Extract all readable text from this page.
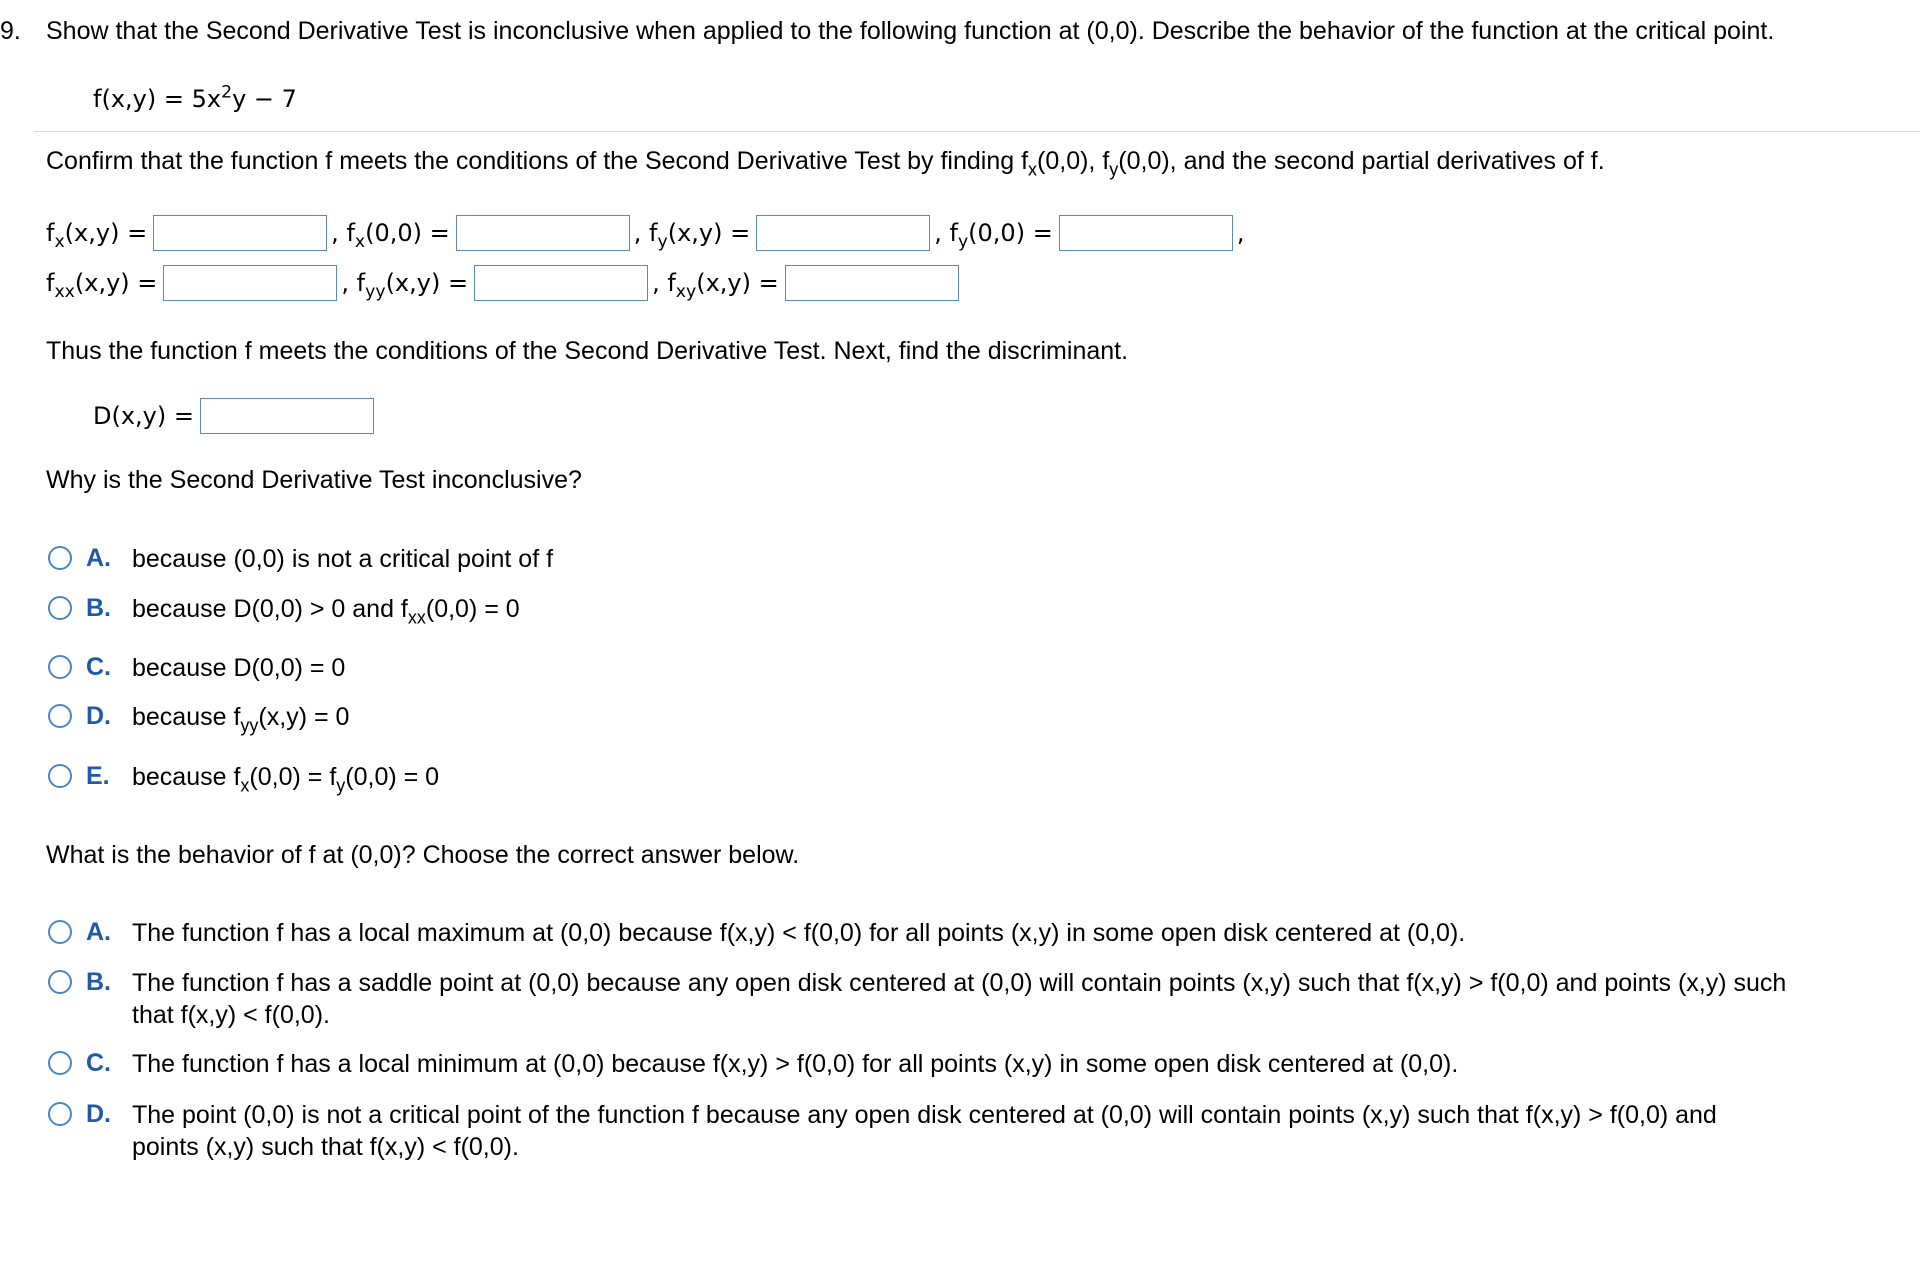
9. Show that the Second Derivative Test is inconclusive when applied to the following function at (0,0). Describe the behavior of the function at the critical point.
$f(x,y) = 5x^2y - 7$
Confirm that the function f meets the conditions of the Second Derivative Test by finding $f_x(0,0)$, $f_y(0,0)$, and the second partial derivatives of f.
$f_x(x,y)$ =	, $f_x(0,0)$ =	, $f_y(x,y)$ =	, $f_y(0,0)$ =	,
$f_{xx}(x,y)$ =	, $f_{yy}(x,y)$ =	, $f_{xy}(x,y)$ =
Thus the function f meets the conditions of the Second Derivative Test. Next, find the discriminant.
D(x,y) =
Why is the Second Derivative Test inconclusive?
A. because (0,0) is not a critical point of f
B. because D(0,0) > 0 and $f_{xx}(0,0) = 0$
C. because D(0,0) = 0
D. because $f_{yy}(x,y) = 0$
E. because $f_x(0,0) = f_y(0,0) = 0$
What is the behavior of f at (0,0)? Choose the correct answer below.
A. The function f has a local maximum at (0,0) because f(x,y) < f(0,0) for all points (x,y) in some open disk centered at (0,0).
B. The function f has a saddle point at (0,0) because any open disk centered at (0,0) will contain points (x,y) such that f(x,y) > f(0,0) and points (x,y) such
that f(x,y) < f(0,0).
C. The function f has a local minimum at (0,0) because f(x,y) > f(0,0) for all points (x,y) in some open disk centered at (0,0).
D. The point (0,0) is not a critical point of the function f because any open disk centered at (0,0) will contain points (x,y) such that f(x,y) > f(0,0) and
points (x,y) such that f(x,y) < f(0,0).
